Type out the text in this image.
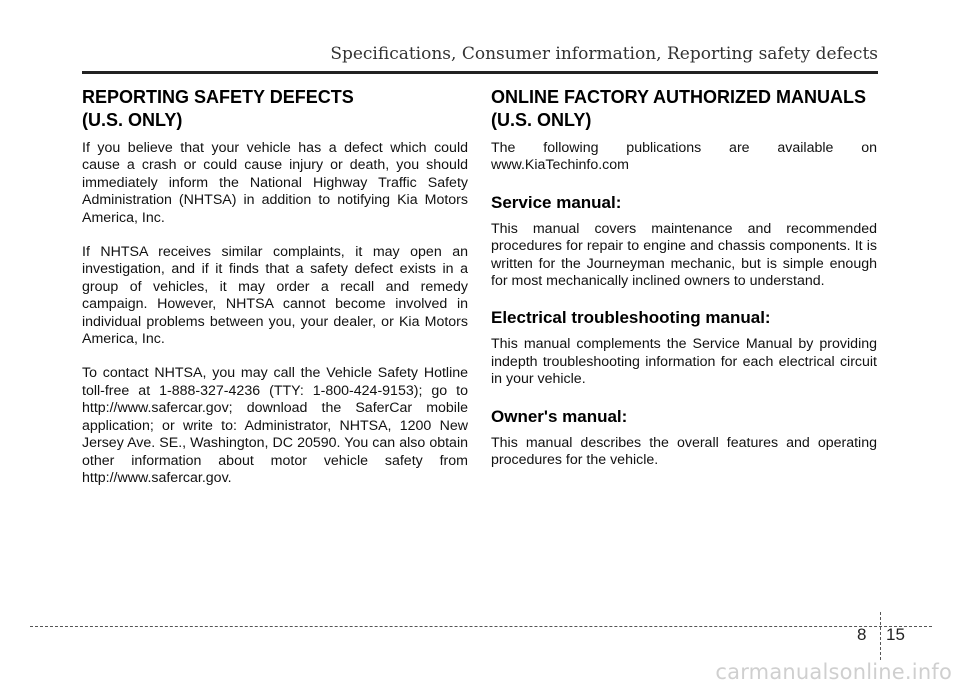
Specifications, Consumer information, Reporting safety defects
REPORTING SAFETY DEFECTS
(U.S. ONLY)

If you believe that your vehicle has a defect which could cause a crash or could cause injury or death, you should immediately inform the National Highway Traffic Safety Administration (NHTSA) in addition to notifying Kia Motors America, Inc.

If NHTSA receives similar complaints, it may open an investigation, and if it finds that a safety defect exists in a group of vehicles, it may order a recall and remedy campaign. However, NHTSA cannot become involved in individual problems between you, your dealer, or Kia Motors America, Inc.

To contact NHTSA, you may call the Vehicle Safety Hotline toll-free at 1-888-327-4236 (TTY: 1-800-424-9153); go to http://www.safercar.gov; download the SaferCar mobile application; or write to: Administrator, NHTSA, 1200 New Jersey Ave. SE., Washington, DC 20590. You can also obtain other information about motor vehicle safety from http://www.safercar.gov.

ONLINE FACTORY AUTHORIZED MANUALS
(U.S. ONLY)

The following publications are available on www.KiaTechinfo.com

Service manual:

This manual covers maintenance and recommended procedures for repair to engine and chassis components. It is written for the Journeyman mechanic, but is simple enough for most mechanically inclined owners to understand.

Electrical troubleshooting manual:

This manual complements the Service Manual by providing indepth troubleshooting information for each electrical circuit in your vehicle.

Owner's manual:

This manual describes the overall features and operating procedures for the vehicle.

8 15
carmanualsonline.info
